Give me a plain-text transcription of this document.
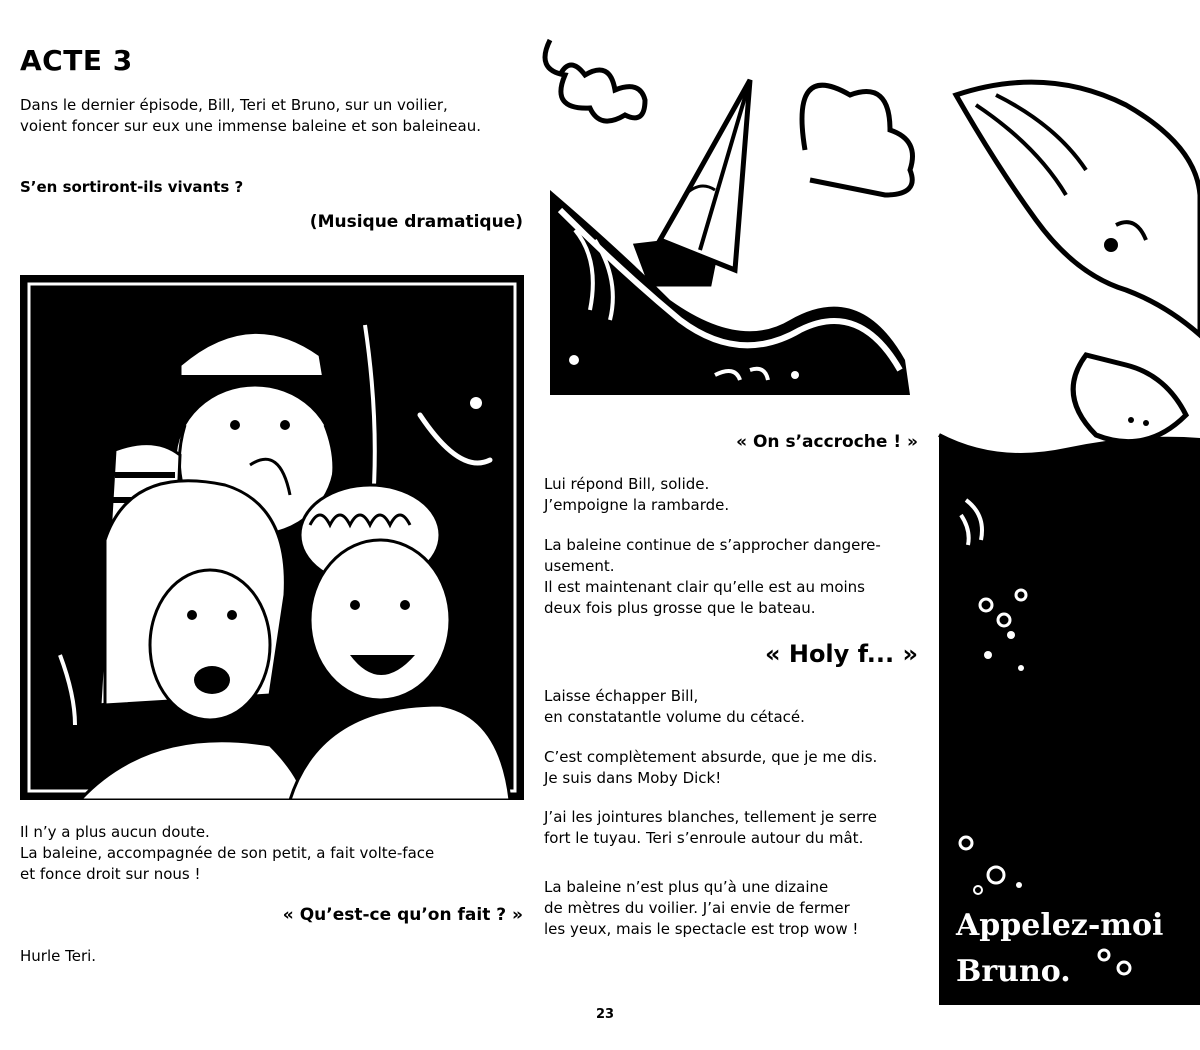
ACTE 3
Dans le dernier épisode, Bill, Teri et Bruno, sur un voilier,
voient foncer sur eux une immense baleine et son baleineau.
S’en sortiront-ils vivants ?
(Musique dramatique)
Il n’y a plus aucun doute.
La baleine, accompagnée de son petit, a fait volte-face
et fonce droit sur nous !
« Qu’est-ce qu’on fait ? »
Hurle Teri.
« On s’accroche ! »
Lui répond Bill, solide.
J’empoigne la rambarde.
La baleine continue de s’approcher dangere-
usement.
Il est maintenant clair qu’elle est au moins
deux fois plus grosse que le bateau.
« Holy f... »
Laisse échapper Bill,
en constatantle volume du cétacé.
C’est complètement absurde, que je me dis.
Je suis dans Moby Dick!
J’ai les jointures blanches, tellement je serre
fort le tuyau. Teri s’enroule autour du mât.
La baleine n’est plus qu’à une dizaine
de mètres du voilier. J’ai envie de fermer
les yeux, mais le spectacle est trop wow !	Appelez-moi
Bruno.
23
